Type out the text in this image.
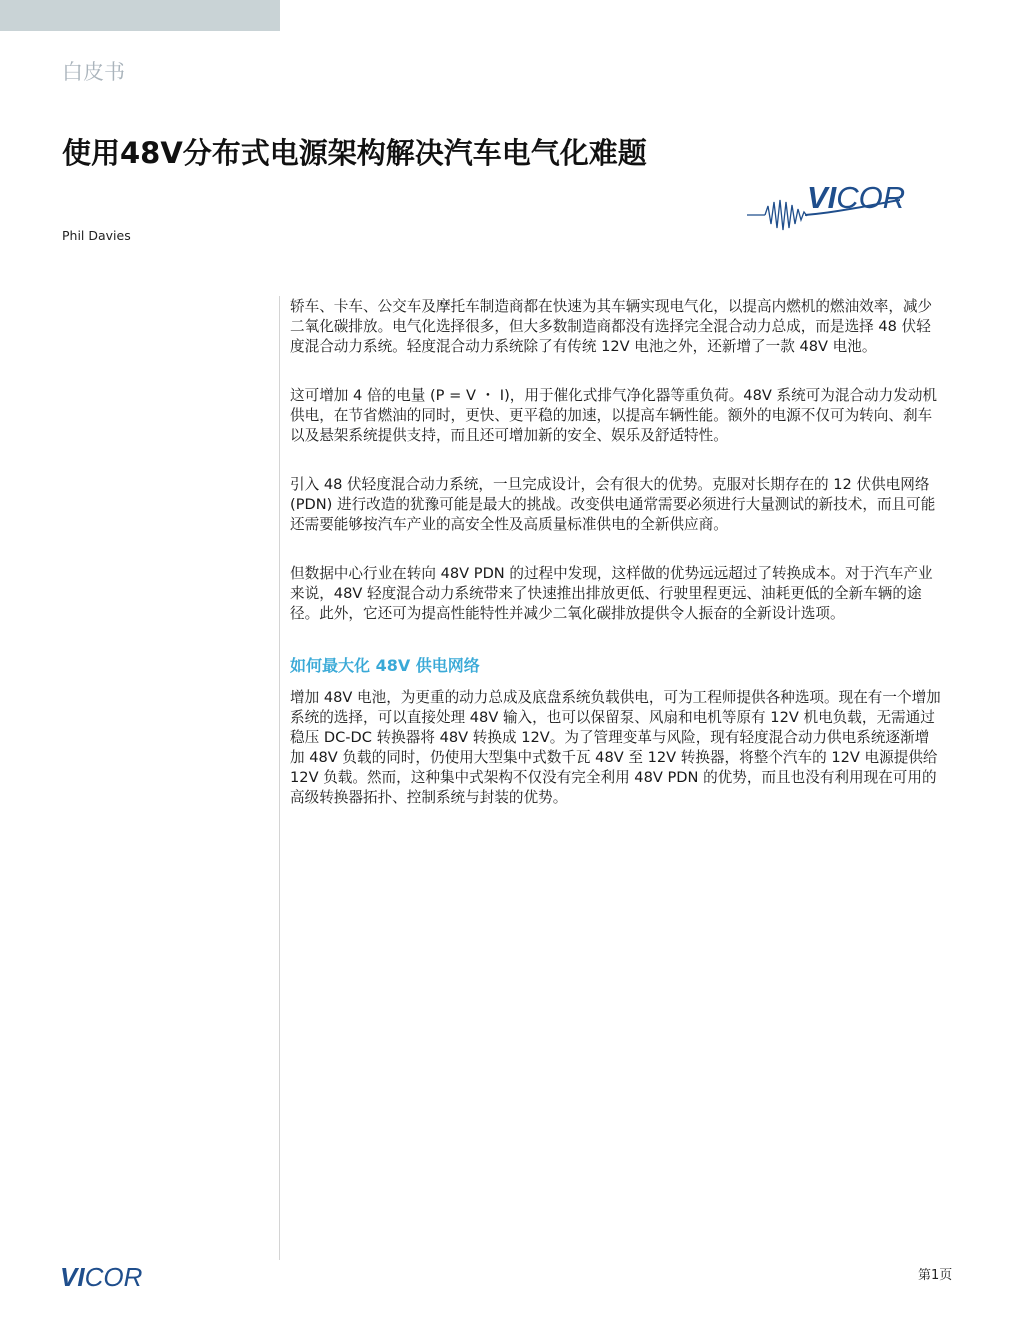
白皮书
使用48V分布式电源架构解决汽车电气化难题
VICOR
Phil Davies

轿车、卡车、公交车及摩托车制造商都在快速为其车辆实现电气化，以提高内燃机的燃油效率，减少二氧化碳排放。电气化选择很多，但大多数制造商都没有选择完全混合动力总成，而是选择 48 伏轻度混合动力系统。轻度混合动力系统除了有传统 12V 电池之外，还新增了一款 48V 电池。

这可增加 4 倍的电量 (P = V ・ I)，用于催化式排气净化器等重负荷。48V 系统可为混合动力发动机供电，在节省燃油的同时，更快、更平稳的加速，以提高车辆性能。额外的电源不仅可为转向、刹车以及悬架系统提供支持，而且还可增加新的安全、娱乐及舒适特性。

引入 48 伏轻度混合动力系统，一旦完成设计，会有很大的优势。克服对长期存在的 12 伏供电网络 (PDN) 进行改造的犹豫可能是最大的挑战。改变供电通常需要必须进行大量测试的新技术，而且可能还需要能够按汽车产业的高安全性及高质量标准供电的全新供应商。

但数据中心行业在转向 48V PDN 的过程中发现，这样做的优势远远超过了转换成本。对于汽车产业来说，48V 轻度混合动力系统带来了快速推出排放更低、行驶里程更远、油耗更低的全新车辆的途径。此外，它还可为提高性能特性并减少二氧化碳排放提供令人振奋的全新设计选项。

如何最大化 48V 供电网络

增加 48V 电池，为更重的动力总成及底盘系统负载供电，可为工程师提供各种选项。现在有一个增加系统的选择，可以直接处理 48V 输入，也可以保留泵、风扇和电机等原有 12V 机电负载，无需通过稳压 DC-DC 转换器将 48V 转换成 12V。为了管理变革与风险，现有轻度混合动力供电系统逐渐增加 48V 负载的同时，仍使用大型集中式数千瓦 48V 至 12V 转换器，将整个汽车的 12V 电源提供给 12V 负载。然而，这种集中式架构不仅没有完全利用 48V PDN 的优势，而且也没有利用现在可用的高级转换器拓扑、控制系统与封装的优势。

VICOR	第1页
